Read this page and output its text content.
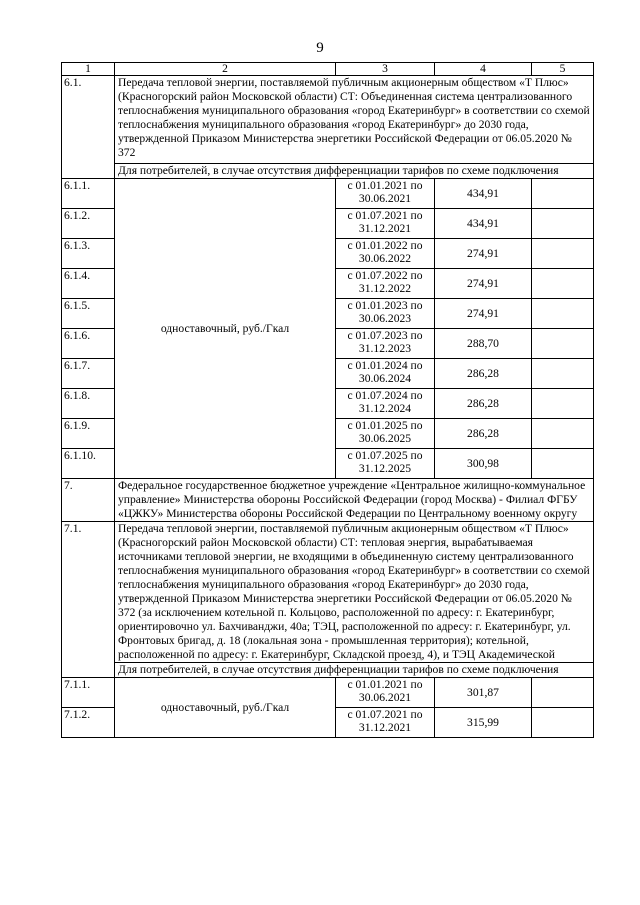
9
1	2	3	4	5
6.1.	Передача тепловой энергии, поставляемой публичным акционерным обществом «Т Плюс» (Красногорский район Московской области) СТ: Объединенная система централизованного теплоснабжения муниципального образования «город Екатеринбург» в соответствии со схемой теплоснабжения муниципального образования «город Екатеринбург» до 2030 года, утвержденной Приказом Министерства энергетики Российской Федерации от 06.05.2020 № 372			
	Для потребителей, в случае отсутствия дифференциации тарифов по схеме подключения			
6.1.1.	одноставочный, руб./Гкал	с 01.01.2021 по 30.06.2021	434,91	
6.1.2.		с 01.07.2021 по 31.12.2021	434,91	
6.1.3.		с 01.01.2022 по 30.06.2022	274,91	
6.1.4.		с 01.07.2022 по 31.12.2022	274,91	
6.1.5.		с 01.01.2023 по 30.06.2023	274,91	
6.1.6.		с 01.07.2023 по 31.12.2023	288,70	
6.1.7.		с 01.01.2024 по 30.06.2024	286,28	
6.1.8.		с 01.07.2024 по 31.12.2024	286,28	
6.1.9.		с 01.01.2025 по 30.06.2025	286,28	
6.1.10.		с 01.07.2025 по 31.12.2025	300,98	
7.	Федеральное государственное бюджетное учреждение «Центральное жилищно-коммунальное управление» Министерства обороны Российской Федерации (город Москва) - Филиал ФГБУ «ЦЖКУ» Министерства обороны Российской Федерации по Центральному военному округу			
7.1.	Передача тепловой энергии, поставляемой публичным акционерным обществом «Т Плюс» (Красногорский район Московской области) СТ: тепловая энергия, вырабатываемая источниками тепловой энергии, не входящими в объединенную систему централизованного теплоснабжения муниципального образования «город Екатеринбург» в соответствии со схемой теплоснабжения муниципального образования «город Екатеринбург» до 2030 года, утвержденной Приказом Министерства энергетики Российской Федерации от 06.05.2020 № 372 (за исключением котельной п. Кольцово, расположенной по адресу: г. Екатеринбург, ориентировочно ул. Бахчиванджи, 40а; ТЭЦ, расположенной по адресу: г. Екатеринбург, ул. Фронтовых бригад, д. 18 (локальная зона - промышленная территория); котельной, расположенной по адресу: г. Екатеринбург, Складской проезд, 4), и ТЭЦ Академической			
	Для потребителей, в случае отсутствия дифференциации тарифов по схеме подключения			
7.1.1.	одноставочный, руб./Гкал	с 01.01.2021 по 30.06.2021	301,87	
7.1.2.		с 01.07.2021 по 31.12.2021	315,99	
